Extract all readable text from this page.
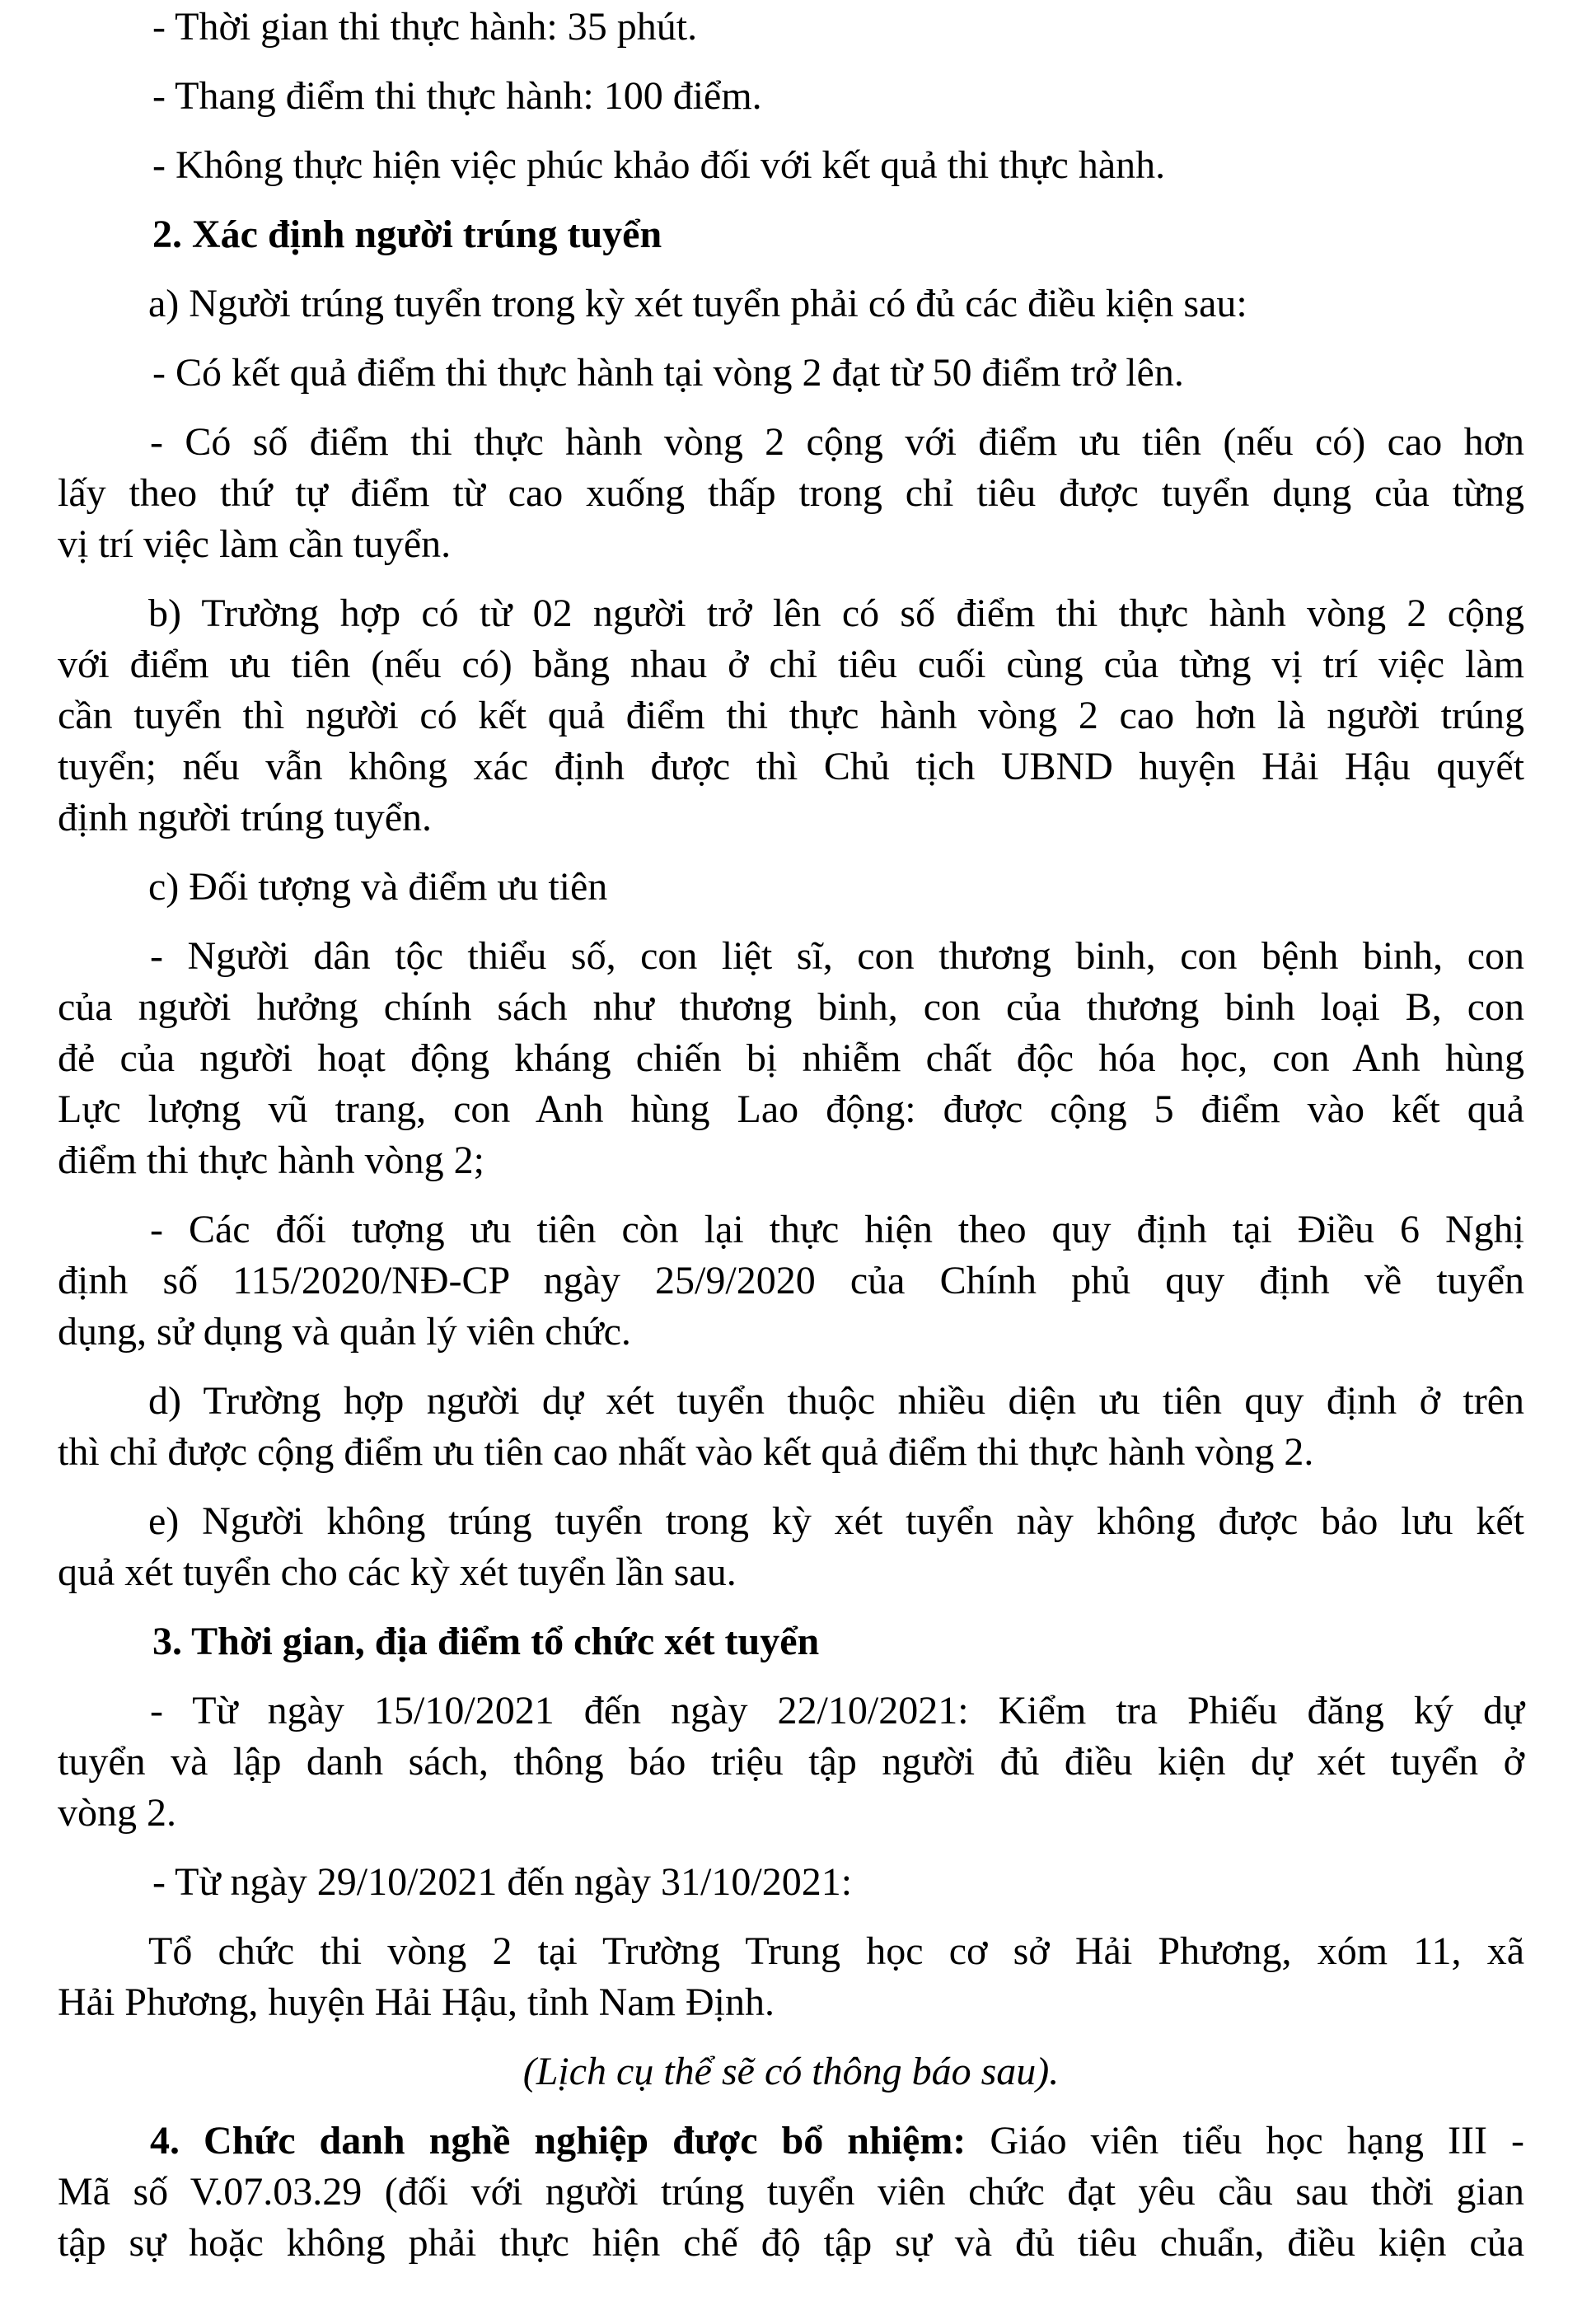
- Thời gian thi thực hành: 35 phút.
- Thang điểm thi thực hành: 100 điểm.
- Không thực hiện việc phúc khảo đối với kết quả thi thực hành.
2. Xác định người trúng tuyển
a) Người trúng tuyển trong kỳ xét tuyển phải có đủ các điều kiện sau:
- Có kết quả điểm thi thực hành tại vòng 2 đạt từ 50 điểm trở lên.
- Có số điểm thi thực hành vòng 2 cộng với điểm ưu tiên (nếu có) cao hơn
lấy theo thứ tự điểm từ cao xuống thấp trong chỉ tiêu được tuyển dụng của từng
vị trí việc làm cần tuyển.
b) Trường hợp có từ 02 người trở lên có số điểm thi thực hành vòng 2 cộng
với điểm ưu tiên (nếu có) bằng nhau ở chỉ tiêu cuối cùng của từng vị trí việc làm
cần tuyển thì người có kết quả điểm thi thực hành vòng 2 cao hơn là người trúng
tuyển; nếu vẫn không xác định được thì Chủ tịch UBND huyện Hải Hậu quyết
định người trúng tuyển.
c) Đối tượng và điểm ưu tiên
- Người dân tộc thiểu số, con liệt sĩ, con thương binh, con bệnh binh, con
của người hưởng chính sách như thương binh, con của thương binh loại B, con
đẻ của người hoạt động kháng chiến bị nhiễm chất độc hóa học, con Anh hùng
Lực lượng vũ trang, con Anh hùng Lao động: được cộng 5 điểm vào kết quả
điểm thi thực hành vòng 2;
- Các đối tượng ưu tiên còn lại thực hiện theo quy định tại Điều 6 Nghị
định số 115/2020/NĐ-CP ngày 25/9/2020 của Chính phủ quy định về tuyển
dụng, sử dụng và quản lý viên chức.
d) Trường hợp người dự xét tuyển thuộc nhiều diện ưu tiên quy định ở trên
thì chỉ được cộng điểm ưu tiên cao nhất vào kết quả điểm thi thực hành vòng 2.
e) Người không trúng tuyển trong kỳ xét tuyển này không được bảo lưu kết
quả xét tuyển cho các kỳ xét tuyển lần sau.
3. Thời gian, địa điểm tổ chức xét tuyển
- Từ ngày 15/10/2021 đến ngày 22/10/2021: Kiểm tra Phiếu đăng ký dự
tuyển và lập danh sách, thông báo triệu tập người đủ điều kiện dự xét tuyển ở
vòng 2.
- Từ ngày 29/10/2021 đến ngày 31/10/2021:
Tổ chức thi vòng 2 tại Trường Trung học cơ sở Hải Phương, xóm 11, xã
Hải Phương, huyện Hải Hậu, tỉnh Nam Định.
(Lịch cụ thể sẽ có thông báo sau).
4. Chức danh nghề nghiệp được bổ nhiệm: Giáo viên tiểu học hạng III -
Mã số V.07.03.29 (đối với người trúng tuyển viên chức đạt yêu cầu sau thời gian
tập sự hoặc không phải thực hiện chế độ tập sự và đủ tiêu chuẩn, điều kiện của
